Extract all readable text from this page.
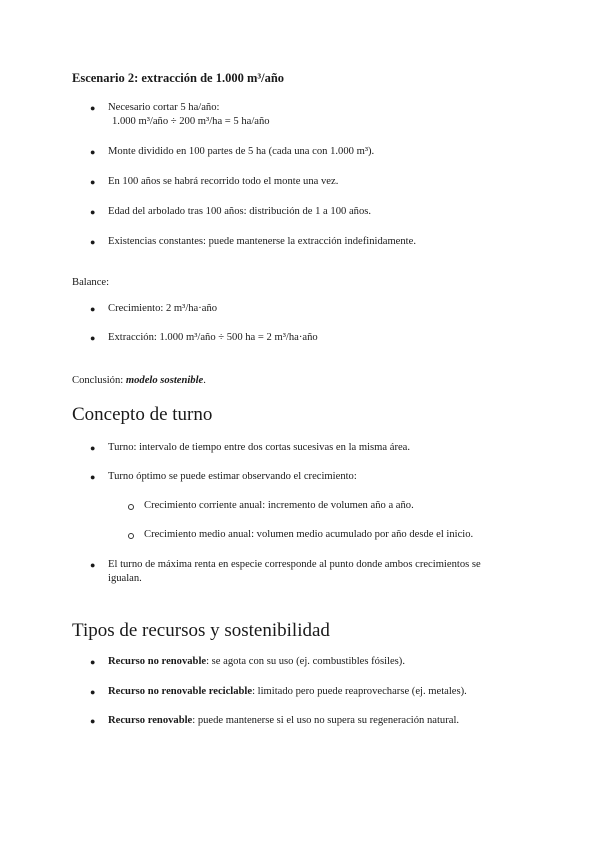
Escenario 2: extracción de 1.000 m³/año
● Necesario cortar 5 ha/año:
1.000 m³/año ÷ 200 m³/ha = 5 ha/año
● Monte dividido en 100 partes de 5 ha (cada una con 1.000 m³).
● En 100 años se habrá recorrido todo el monte una vez.
● Edad del arbolado tras 100 años: distribución de 1 a 100 años.
● Existencias constantes: puede mantenerse la extracción indefinidamente.
Balance:
● Crecimiento: 2 m³/ha·año
● Extracción: 1.000 m³/año ÷ 500 ha = 2 m³/ha·año
Conclusión: modelo sostenible.
Concepto de turno
● Turno: intervalo de tiempo entre dos cortas sucesivas en la misma área.
● Turno óptimo se puede estimar observando el crecimiento:
Crecimiento corriente anual: incremento de volumen año a año.
Crecimiento medio anual: volumen medio acumulado por año desde el inicio.
● El turno de máxima renta en especie corresponde al punto donde ambos crecimientos se
igualan.
Tipos de recursos y sostenibilidad
● Recurso no renovable: se agota con su uso (ej. combustibles fósiles).
● Recurso no renovable reciclable: limitado pero puede reaprovecharse (ej. metales).
● Recurso renovable: puede mantenerse si el uso no supera su regeneración natural.
